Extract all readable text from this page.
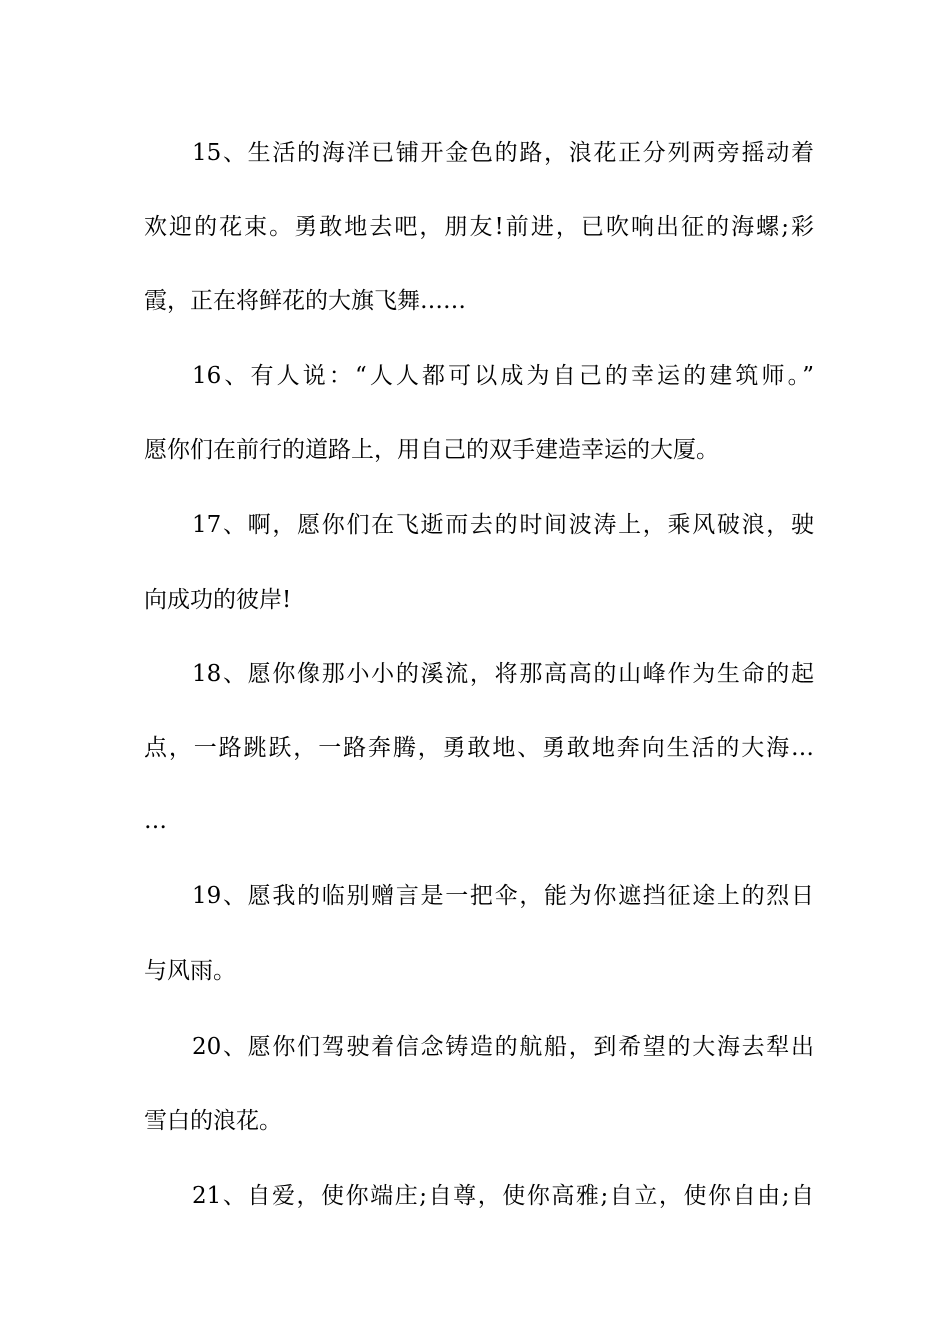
15、生活的海洋已铺开金色的路，浪花正分列两旁摇动着
欢迎的花束。勇敢地去吧，朋友!前进，已吹响出征的海螺;彩
霞，正在将鲜花的大旗飞舞……
16、有人说：“人人都可以成为自己的幸运的建筑师。”
愿你们在前行的道路上，用自己的双手建造幸运的大厦。
17、啊，愿你们在飞逝而去的时间波涛上，乘风破浪，驶
向成功的彼岸!
18、愿你像那小小的溪流，将那高高的山峰作为生命的起
点，一路跳跃，一路奔腾，勇敢地、勇敢地奔向生活的大海…
…
19、愿我的临别赠言是一把伞，能为你遮挡征途上的烈日
与风雨。
20、愿你们驾驶着信念铸造的航船，到希望的大海去犁出
雪白的浪花。
21、自爱，使你端庄;自尊，使你高雅;自立，使你自由;自
